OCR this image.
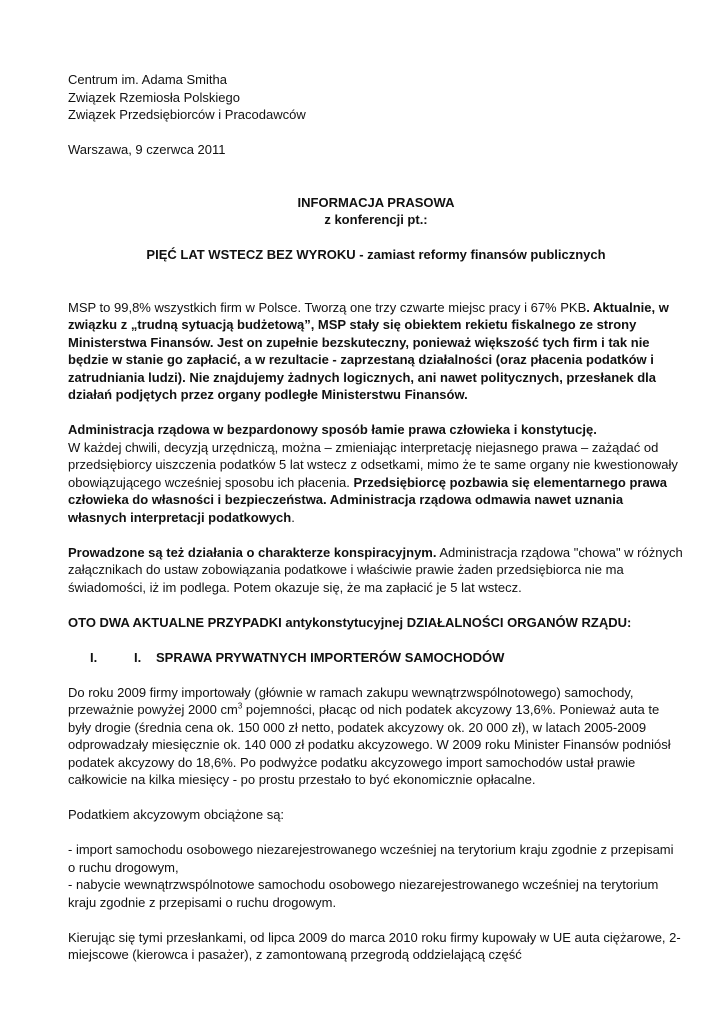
Centrum im. Adama Smitha

Związek Rzemiosła Polskiego

Związek Przedsiębiorców i Pracodawców

Warszawa, 9 czerwca 2011

INFORMACJA PRASOWA

z konferencji pt.:

PIĘĆ LAT WSTECZ BEZ WYROKU - zamiast reformy finansów publicznych

MSP to 99,8% wszystkich firm w Polsce. Tworzą one trzy czwarte miejsc pracy i 67% PKB. Aktualnie, w związku z „trudną sytuacją budżetową”, MSP stały się obiektem rekietu fiskalnego ze strony Ministerstwa Finansów. Jest on zupełnie bezskuteczny, ponieważ większość tych firm i tak nie będzie w stanie go zapłacić, a w rezultacie - zaprzestaną działalności (oraz płacenia podatków i zatrudniania ludzi). Nie znajdujemy żadnych logicznych, ani nawet politycznych, przesłanek dla działań podjętych przez organy podległe Ministerstwu Finansów.

Administracja rządowa w bezpardonowy sposób łamie prawa człowieka i konstytucję.
W każdej chwili, decyzją urzędniczą, można – zmieniając interpretację niejasnego prawa – zażądać od przedsiębiorcy uiszczenia podatków 5 lat wstecz z odsetkami, mimo że te same organy nie kwestionowały obowiązującego wcześniej sposobu ich płacenia. Przedsiębiorcę pozbawia się elementarnego prawa człowieka do własności i bezpieczeństwa. Administracja rządowa odmawia nawet uznania własnych interpretacji podatkowych.

Prowadzone są też działania o charakterze konspiracyjnym. Administracja rządowa "chowa" w różnych załącznikach do ustaw zobowiązania podatkowe i właściwie prawie żaden przedsiębiorca nie ma świadomości, iż im podlega. Potem okazuje się, że ma zapłacić je 5 lat wstecz.

OTO DWA AKTUALNE PRZYPADKI antykonstytucyjnej DZIAŁALNOŚCI ORGANÓW RZĄDU:

I.	I.	SPRAWA PRYWATNYCH IMPORTERÓW SAMOCHODÓW

Do roku 2009 firmy importowały (głównie w ramach zakupu wewnątrzwspólnotowego) samochody, przeważnie powyżej 2000 $cm^3$ pojemności, płacąc od nich podatek akcyzowy 13,6%. Ponieważ auta te były drogie (średnia cena ok. 150 000 zł netto, podatek akcyzowy ok. 20 000 zł), w latach 2005-2009 odprowadzały miesięcznie ok. 140 000 zł podatku akcyzowego. W 2009 roku Minister Finansów podniósł podatek akcyzowy do 18,6%. Po podwyżce podatku akcyzowego import samochodów ustał prawie całkowicie na kilka miesięcy - po prostu przestało to być ekonomicznie opłacalne.

Podatkiem akcyzowym obciążone są:

- import samochodu osobowego niezarejestrowanego wcześniej na terytorium kraju zgodnie z przepisami o ruchu drogowym,

- nabycie wewnątrzwspólnotowe samochodu osobowego niezarejestrowanego wcześniej na terytorium kraju zgodnie z przepisami o ruchu drogowym.

Kierując się tymi przesłankami, od lipca 2009 do marca 2010 roku firmy kupowały w UE auta ciężarowe, 2-miejscowe (kierowca i pasażer), z zamontowaną przegrodą oddzielającą część
